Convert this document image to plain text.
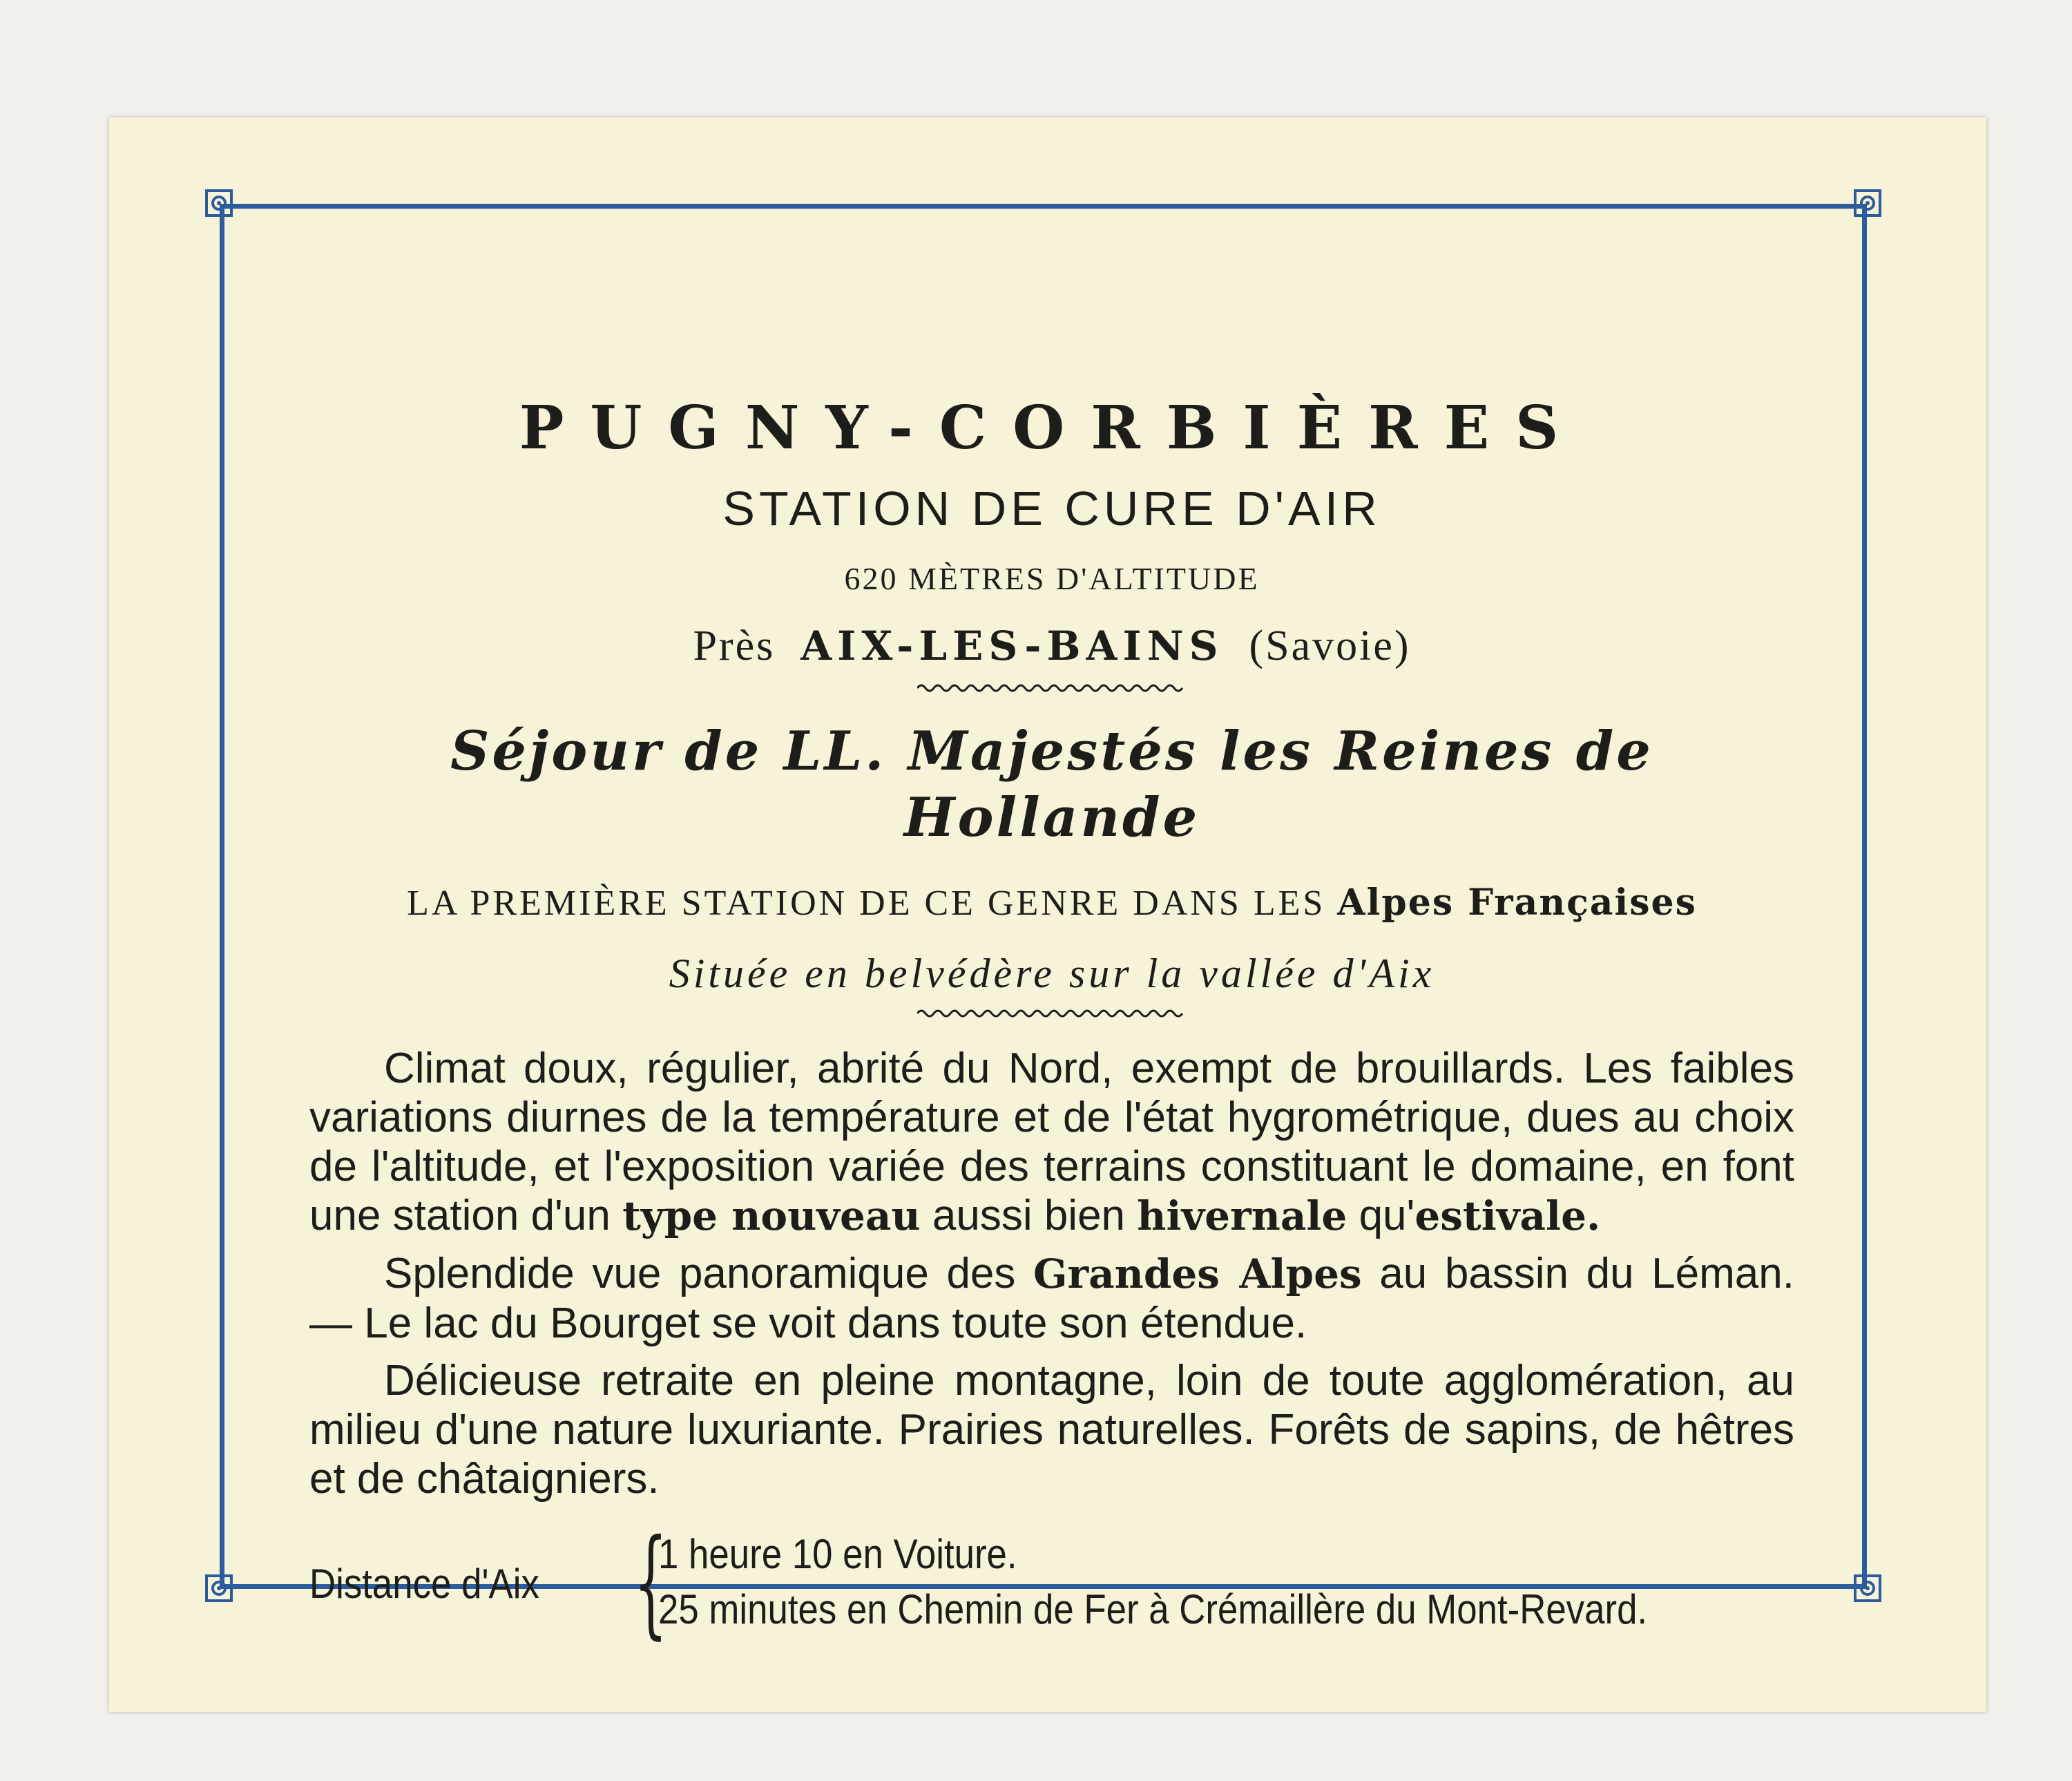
PUGNY-CORBIÈRES
STATION DE CURE D'AIR
620 MÈTRES D'ALTITUDE
Près AIX-LES-BAINS (Savoie)
Séjour de LL. Majestés les Reines de Hollande
LA PREMIÈRE STATION DE CE GENRE DANS LES Alpes Françaises
Située en belvédère sur la vallée d'Aix

Climat doux, régulier, abrité du Nord, exempt de brouillards. Les faibles variations diurnes de la température et de l'état hygrométrique, dues au choix de l'altitude, et l'exposition variée des terrains constituant le domaine, en font une station d'un type nouveau aussi bien hivernale qu'estivale.

Splendide vue panoramique des Grandes Alpes au bassin du Léman. — Le lac du Bourget se voit dans toute son étendue.

Délicieuse retraite en pleine montagne, loin de toute agglomération, au milieu d'une nature luxuriante. Prairies naturelles. Forêts de sapins, de hêtres et de châtaigniers.

Distance d'Aix {
1 heure 10 en Voiture.
25 minutes en Chemin de Fer à Crémaillère du Mont-Revard.
